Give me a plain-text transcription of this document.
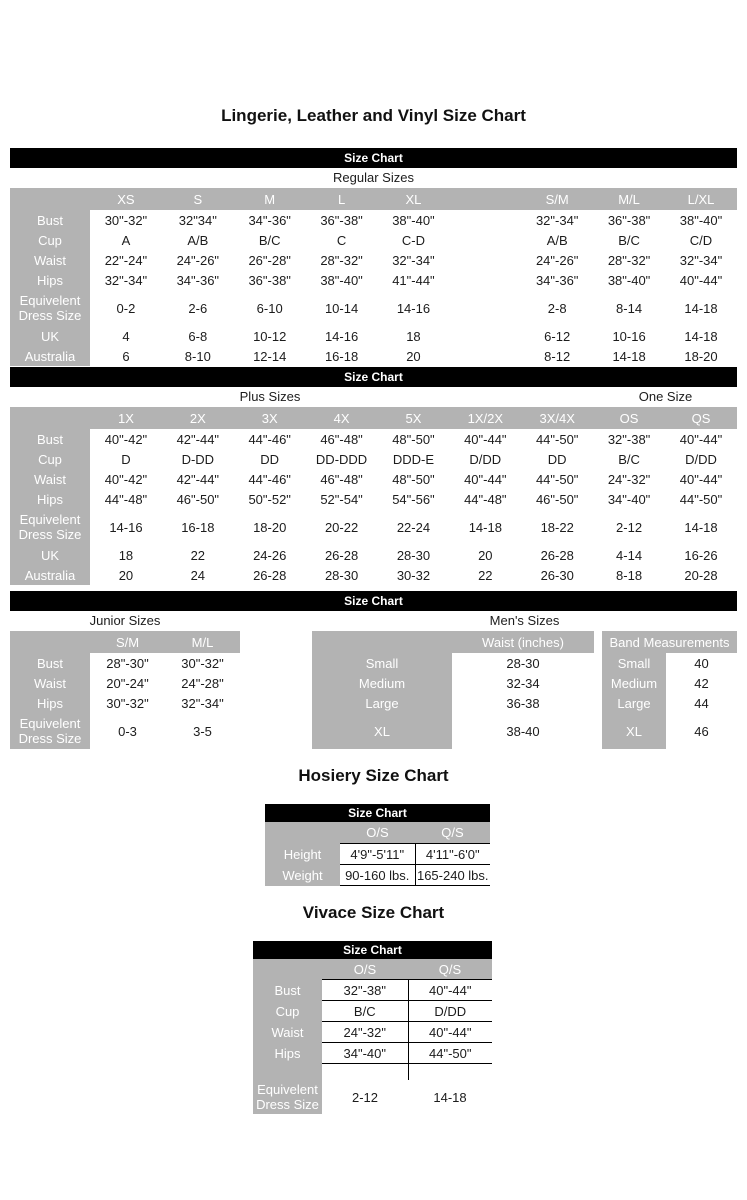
Lingerie, Leather and Vinyl Size Chart
Size Chart
Regular Sizes
	XS	S	M	L	XL		S/M	M/L	L/XL
Bust	30"-32"	32"34"	34"-36"	36"-38"	38"-40"		32"-34"	36"-38"	38"-40"
Cup	A	A/B	B/C	C	C-D		A/B	B/C	C/D
Waist	22"-24"	24"-26"	26"-28"	28"-32"	32"-34"		24"-26"	28"-32"	32"-34"
Hips	32"-34"	34"-36"	36"-38"	38"-40"	41"-44"		34"-36"	38"-40"	40"-44"
Equivelent Dress Size	0-2	2-6	6-10	10-14	14-16		2-8	8-14	14-18
UK	4	6-8	10-12	14-16	18		6-12	10-16	14-18
Australia	6	8-10	12-14	16-18	20		8-12	14-18	18-20
Size Chart
Plus Sizes	One Size
	1X	2X	3X	4X	5X	1X/2X	3X/4X	OS	QS
Bust	40"-42"	42"-44"	44"-46"	46"-48"	48"-50"	40"-44"	44"-50"	32"-38"	40"-44"
Cup	D	D-DD	DD	DD-DDD	DDD-E	D/DD	DD	B/C	D/DD
Waist	40"-42"	42"-44"	44"-46"	46"-48"	48"-50"	40"-44"	44"-50"	24"-32"	40"-44"
Hips	44"-48"	46"-50"	50"-52"	52"-54"	54"-56"	44"-48"	46"-50"	34"-40"	44"-50"
Equivelent Dress Size	14-16	16-18	18-20	20-22	22-24	14-18	18-22	2-12	14-18
UK	18	22	24-26	26-28	28-30	20	26-28	4-14	16-26
Australia	20	24	26-28	28-30	30-32	22	26-30	8-18	20-28
Size Chart
Junior Sizes
	S/M	M/L
Bust	28"-30"	30"-32"
Waist	20"-24"	24"-28"
Hips	30"-32"	32"-34"
Equivelent Dress Size	0-3	3-5
Men's Sizes
	Waist (inches)		Band Measurements	
Small	28-30		Small	40
Medium	32-34		Medium	42
Large	36-38		Large	44
XL	38-40		XL	46
Hosiery Size Chart
Size Chart
	O/S	Q/S
Height	4'9"-5'11"	4'11"-6'0"
Weight	90-160 lbs.	165-240 lbs.
Vivace Size Chart
Size Chart
	O/S	Q/S
Bust	32"-38"	40"-44"
Cup	B/C	D/DD
Waist	24"-32"	40"-44"
Hips	34"-40"	44"-50"

Equivelent Dress Size	2-12	14-18
